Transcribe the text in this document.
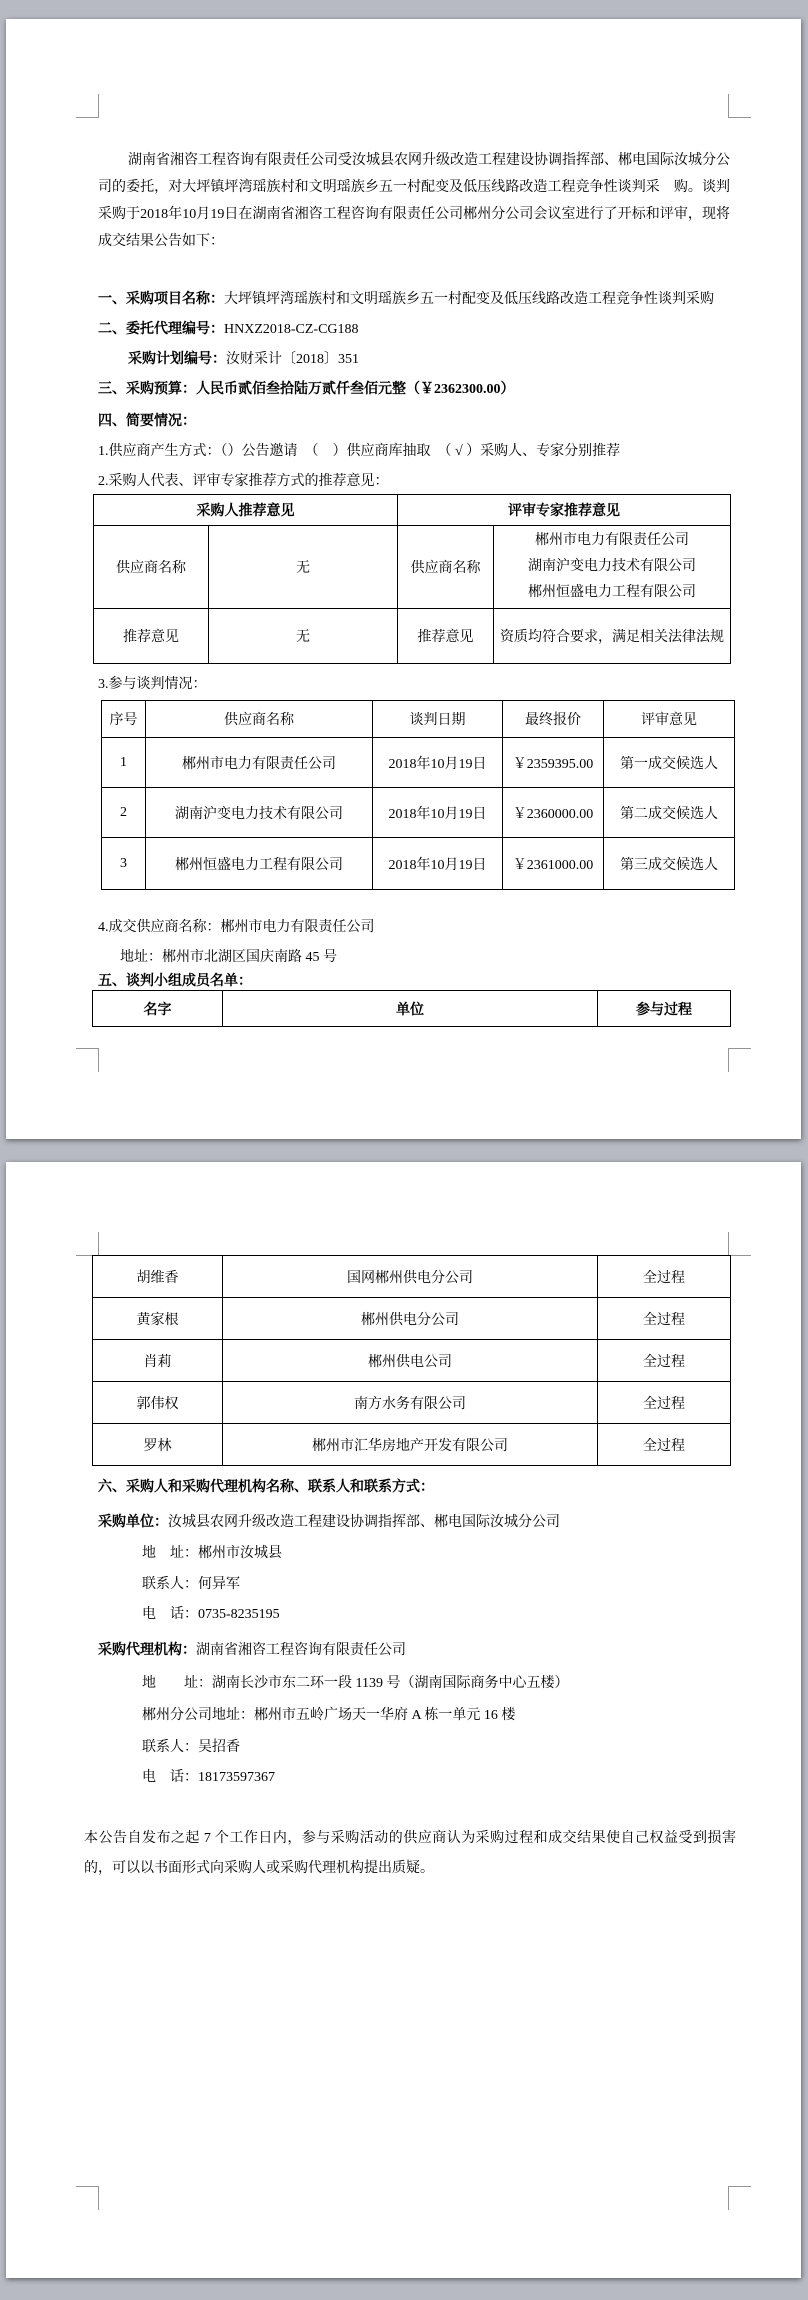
湖南省湘咨工程咨询有限责任公司受汝城县农网升级改造工程建设协调指挥部、郴电国际汝城分公司的委托，对大坪镇坪湾瑶族村和文明瑶族乡五一村配变及低压线路改造工程竞争性谈判采　购。谈判采购于2018年10月19日在湖南省湘咨工程咨询有限责任公司郴州分公司会议室进行了开标和评审，现将成交结果公告如下：
一、采购项目名称：大坪镇坪湾瑶族村和文明瑶族乡五一村配变及低压线路改造工程竞争性谈判采购
二、委托代理编号：HNXZ2018-CZ-CG188
采购计划编号：汝财采计〔2018〕351
三、采购预算：人民币贰佰叁拾陆万贰仟叁佰元整（￥2362300.00）
四、简要情况：
1.供应商产生方式：（）公告邀请　（　）供应商库抽取　（ √ ）采购人、专家分别推荐
2.采购人代表、评审专家推荐方式的推荐意见：
采购人推荐意见		评审专家推荐意见	
供应商名称	无	供应商名称	郴州市电力有限责任公司
湖南沪变电力技术有限公司
郴州恒盛电力工程有限公司

推荐意见	无	推荐意见	资质均符合要求，满足相关法律法规
3.参与谈判情况：
序号	供应商名称	谈判日期	最终报价	评审意见
1	郴州市电力有限责任公司	2018年10月19日	￥2359395.00	第一成交候选人
2	湖南沪变电力技术有限公司	2018年10月19日	￥2360000.00	第二成交候选人
3	郴州恒盛电力工程有限公司	2018年10月19日	￥2361000.00	第三成交候选人
4.成交供应商名称：郴州市电力有限责任公司
地址：郴州市北湖区国庆南路 45 号
五、谈判小组成员名单：
名字	单位	参与过程
胡维香	国网郴州供电分公司	全过程
黄家根	郴州供电分公司	全过程
肖莉	郴州供电公司	全过程
郭伟权	南方水务有限公司	全过程
罗林	郴州市汇华房地产开发有限公司	全过程
六、采购人和采购代理机构名称、联系人和联系方式：
采购单位：汝城县农网升级改造工程建设协调指挥部、郴电国际汝城分公司
地　址：郴州市汝城县
联系人：何异军
电　话：0735-8235195
采购代理机构：湖南省湘咨工程咨询有限责任公司
地　　址：湖南长沙市东二环一段 1139 号（湖南国际商务中心五楼）
郴州分公司地址：郴州市五岭广场天一华府 A 栋一单元 16 楼
联系人：吴招香
电　话：18173597367
本公告自发布之起 7 个工作日内，参与采购活动的供应商认为采购过程和成交结果使自己权益受到损害的，可以以书面形式向采购人或采购代理机构提出质疑。
